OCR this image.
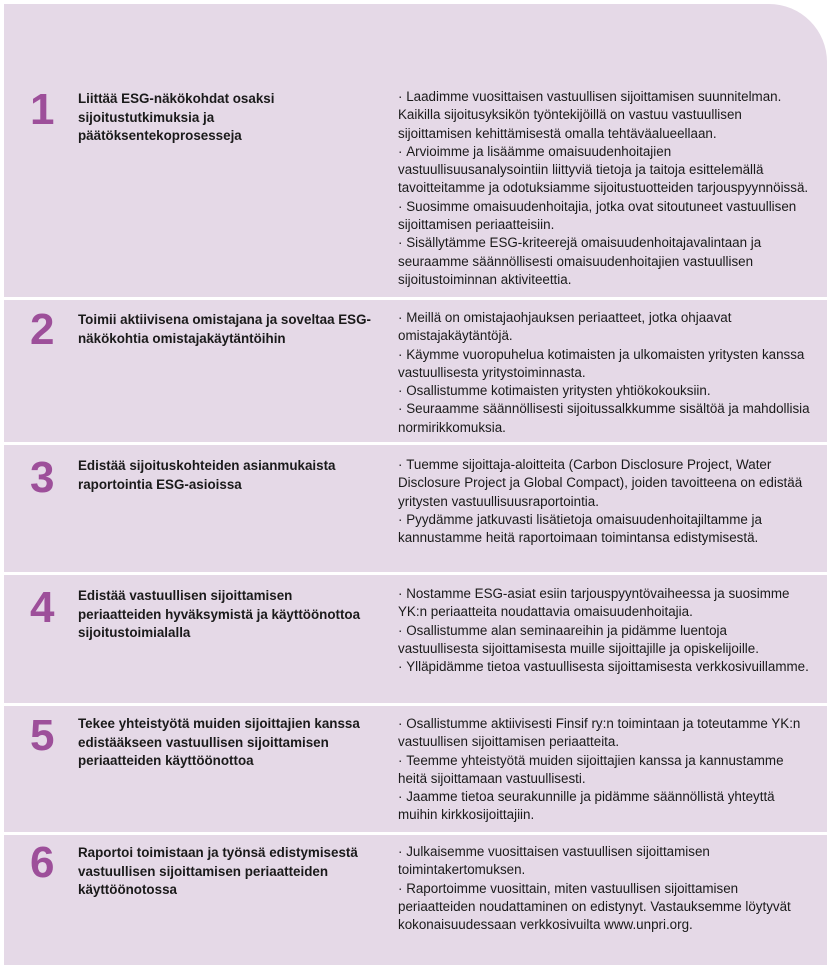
1	Liittää ESG-näkökohdat osaksi sijoitustutkimuksia ja päätöksentekoprosesseja
· Laadimme vuosittaisen vastuullisen sijoittamisen suunnitelman. Kaikilla sijoitusyksikön työntekijöillä on vastuu vastuullisen sijoittamisen kehittämisestä omalla tehtäväalueellaan.
· Arvioimme ja lisäämme omaisuudenhoitajien vastuullisuusanalysointiin liittyviä tietoja ja taitoja esittelemällä tavoitteitamme ja odotuksiamme sijoitustuotteiden tarjouspyynnöissä.
· Suosimme omaisuudenhoitajia, jotka ovat sitoutuneet vastuullisen sijoittamisen periaatteisiin.
· Sisällytämme ESG-kriteerejä omaisuudenhoitajavalintaan ja seuraamme säännöllisesti omaisuudenhoitajien vastuullisen sijoitustoiminnan aktiviteettia.
2	Toimii aktiivisena omistajana ja soveltaa ESG-näkökohtia omistajakäytäntöihin
· Meillä on omistajaohjauksen periaatteet, jotka ohjaavat omistajakäytäntöjä.
· Käymme vuoropuhelua kotimaisten ja ulkomaisten yritysten kanssa vastuullisesta yritystoiminnasta.
· Osallistumme kotimaisten yritysten yhtiökokouksiin.
· Seuraamme säännöllisesti sijoitussalkkumme sisältöä ja mahdollisia normirikkomuksia.
3	Edistää sijoituskohteiden asianmukaista raportointia ESG-asioissa
· Tuemme sijoittaja-aloitteita (Carbon Disclosure Project, Water Disclosure Project ja Global Compact), joiden tavoitteena on edistää yritysten vastuullisuusraportointia.
· Pyydämme jatkuvasti lisätietoja omaisuudenhoitajiltamme ja kannustamme heitä raportoimaan toimintansa edistymisestä.
4	Edistää vastuullisen sijoittamisen periaatteiden hyväksymistä ja käyttöönottoa sijoitustoimialalla
· Nostamme ESG-asiat esiin tarjouspyyntövaiheessa ja suosimme YK:n periaatteita noudattavia omaisuudenhoitajia.
· Osallistumme alan seminaareihin ja pidämme luentoja vastuullisesta sijoittamisesta muille sijoittajille ja opiskelijoille.
· Ylläpidämme tietoa vastuullisesta sijoittamisesta verkkosivuillamme.
5	Tekee yhteistyötä muiden sijoittajien kanssa edistääkseen vastuullisen sijoittamisen periaatteiden käyttöönottoa
· Osallistumme aktiivisesti Finsif ry:n toimintaan ja toteutamme YK:n vastuullisen sijoittamisen periaatteita.
· Teemme yhteistyötä muiden sijoittajien kanssa ja kannustamme heitä sijoittamaan vastuullisesti.
· Jaamme tietoa seurakunnille ja pidämme säännöllistä yhteyttä muihin kirkkosijoittajiin.
6	Raportoi toimistaan ja työnsä edistymisestä vastuullisen sijoittamisen periaatteiden käyttöönotossa
· Julkaisemme vuosittaisen vastuullisen sijoittamisen toimintakertomuksen.
· Raportoimme vuosittain, miten vastuullisen sijoittamisen periaatteiden noudattaminen on edistynyt. Vastauksemme löytyvät kokonaisuudessaan verkkosivuilta www.unpri.org.
